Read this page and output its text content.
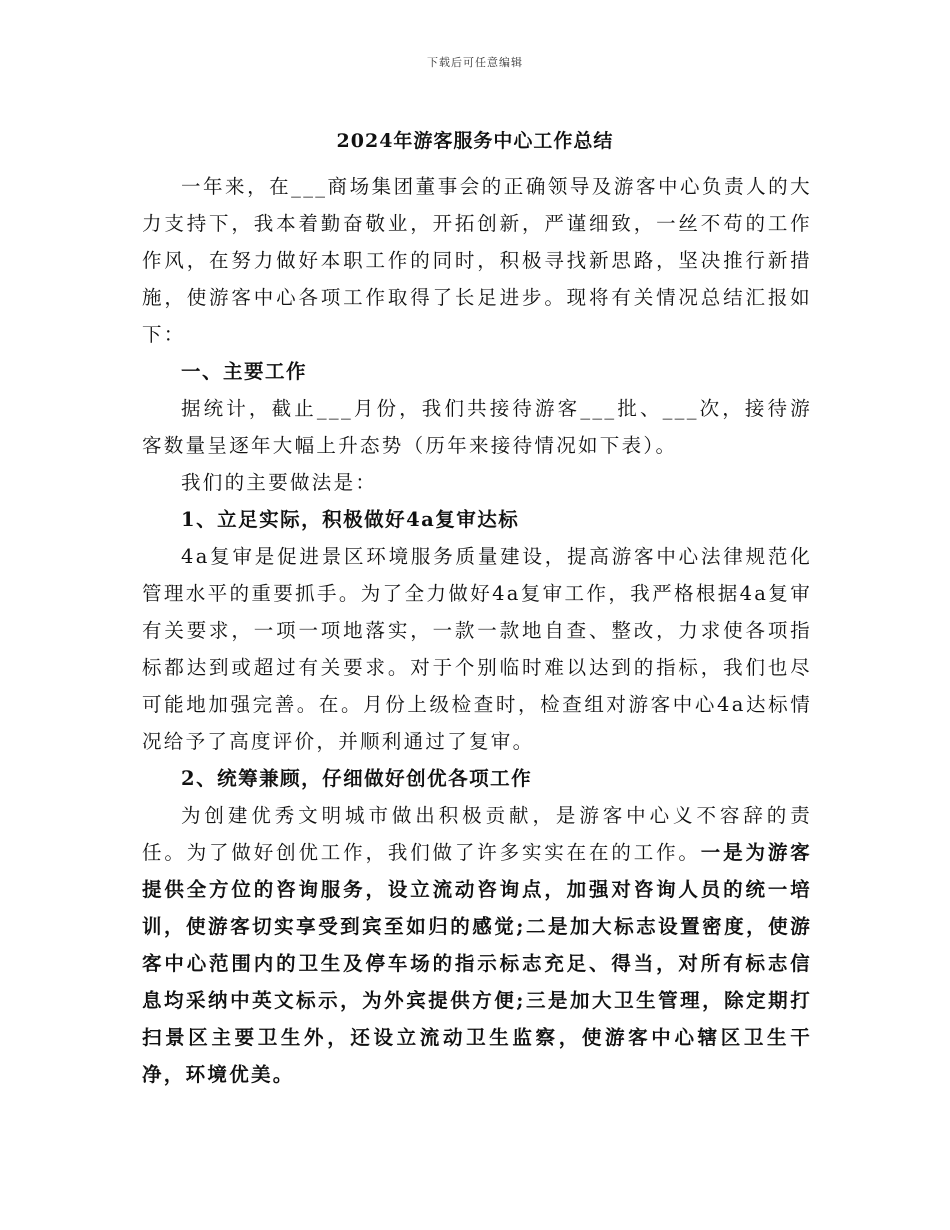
下载后可任意编辑
2024年游客服务中心工作总结

一年来，在___商场集团董事会的正确领导及游客中心负责人的大力支持下，我本着勤奋敬业，开拓创新，严谨细致，一丝不苟的工作作风，在努力做好本职工作的同时，积极寻找新思路，坚决推行新措施，使游客中心各项工作取得了长足进步。现将有关情况总结汇报如下：

一、主要工作

据统计，截止___月份，我们共接待游客___批、___次，接待游客数量呈逐年大幅上升态势（历年来接待情况如下表）。

我们的主要做法是：

1、立足实际，积极做好4a复审达标

4a复审是促进景区环境服务质量建设，提高游客中心法律规范化管理水平的重要抓手。为了全力做好4a复审工作，我严格根据4a复审有关要求，一项一项地落实，一款一款地自查、整改，力求使各项指标都达到或超过有关要求。对于个别临时难以达到的指标，我们也尽可能地加强完善。在。月份上级检查时，检查组对游客中心4a达标情况给予了高度评价，并顺利通过了复审。

2、统筹兼顾，仔细做好创优各项工作

为创建优秀文明城市做出积极贡献，是游客中心义不容辞的责任。为了做好创优工作，我们做了许多实实在在的工作。一是为游客提供全方位的咨询服务，设立流动咨询点，加强对咨询人员的统一培训，使游客切实享受到宾至如归的感觉;二是加大标志设置密度，使游客中心范围内的卫生及停车场的指示标志充足、得当，对所有标志信息均采纳中英文标示，为外宾提供方便;三是加大卫生管理，除定期打扫景区主要卫生外，还设立流动卫生监察，使游客中心辖区卫生干净，环境优美。
